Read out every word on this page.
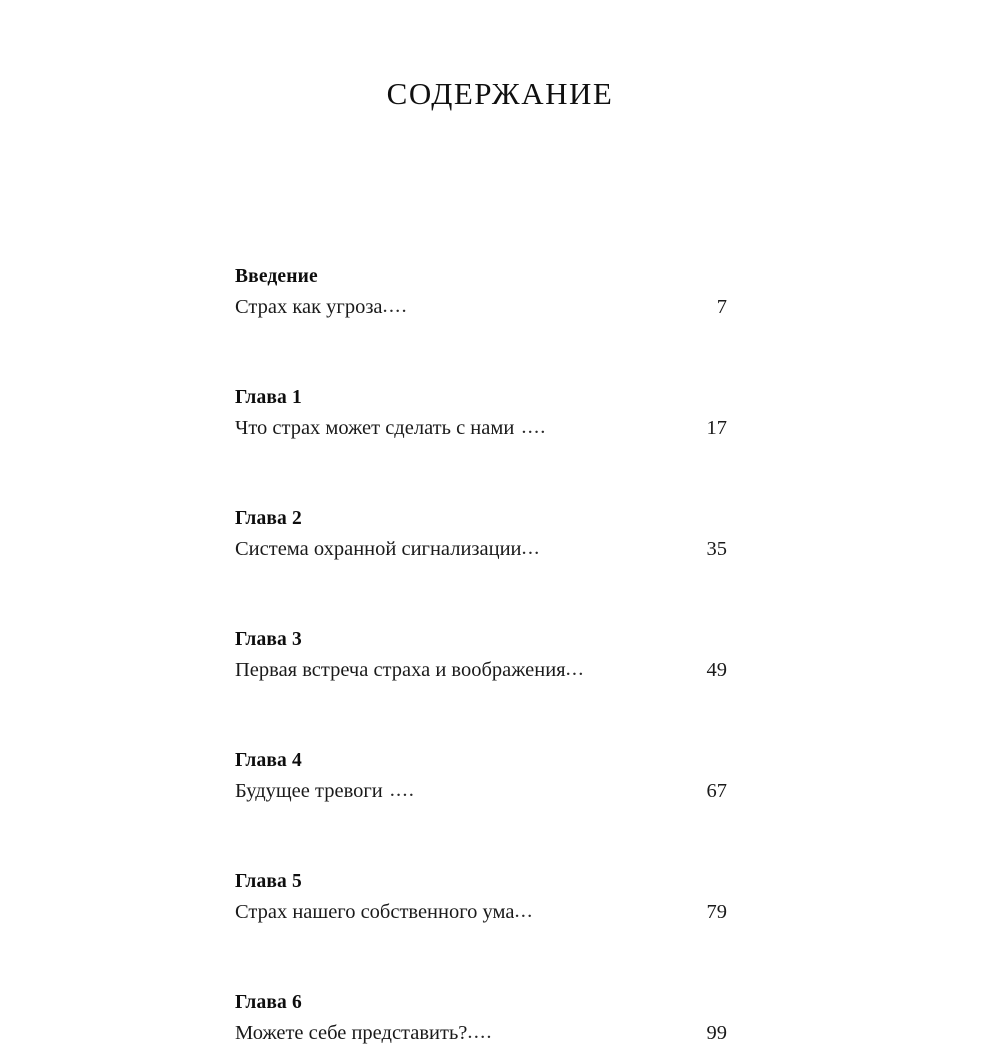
содержание
Введение
Страх как угроза ....	7
Глава 1
Что страх может сделать с нами ....	17
Глава 2
Система охранной сигнализации ...	35
Глава 3
Первая встреча страха и воображения ...	49
Глава 4
Будущее тревоги ....	67
Глава 5
Страх нашего собственного ума ...	79
Глава 6
Можете себе представить? ....	99
